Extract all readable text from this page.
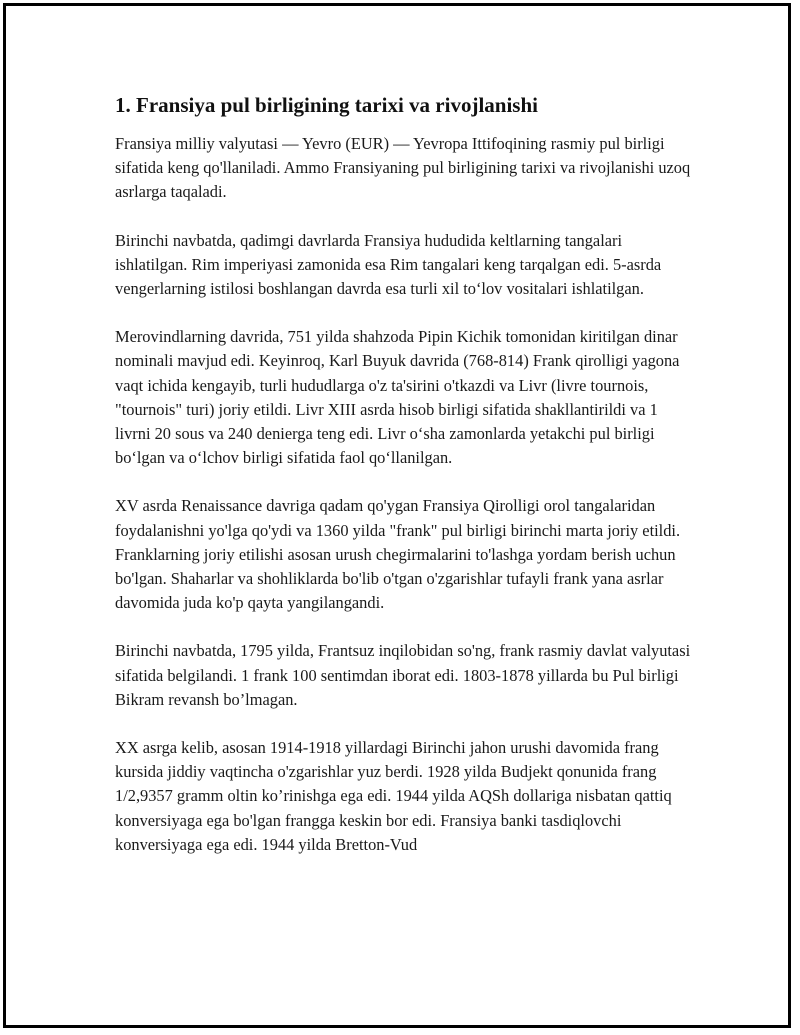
1. Fransiya pul birligining tarixi va rivojlanishi

Fransiya milliy valyutasi — Yevro (EUR) — Yevropa Ittifoqining rasmiy pul birligi sifatida keng qo'llaniladi. Ammo Fransiyaning pul birligining tarixi va rivojlanishi uzoq asrlarga taqaladi.

Birinchi navbatda, qadimgi davrlarda Fransiya hududida keltlarning tangalari ishlatilgan. Rim imperiyasi zamonida esa Rim tangalari keng tarqalgan edi. 5-asrda vengerlarning istilosi boshlangan davrda esa turli xil to‘lov vositalari ishlatilgan.

Merovindlarning davrida, 751 yilda shahzoda Pipin Kichik tomonidan kiritilgan dinar nominali mavjud edi. Keyinroq, Karl Buyuk davrida (768-814) Frank qirolligi yagona vaqt ichida kengayib, turli hududlarga o'z ta'sirini o'tkazdi va Livr (livre tournois, "tournois" turi) joriy etildi. Livr XIII asrda hisob birligi sifatida shakllantirildi va 1 livrni 20 sous va 240 denierga teng edi. Livr o‘sha zamonlarda yetakchi pul birligi bo‘lgan va o‘lchov birligi sifatida faol qo‘llanilgan.

XV asrda Renaissance davriga qadam qo'ygan Fransiya Qirolligi orol tangalaridan foydalanishni yo'lga qo'ydi va 1360 yilda "frank" pul birligi birinchi marta joriy etildi. Franklarning joriy etilishi asosan urush chegirmalarini to'lashga yordam berish uchun bo'lgan. Shaharlar va shohliklarda bo'lib o'tgan o'zgarishlar tufayli frank yana asrlar davomida juda ko'p qayta yangilangandi.

Birinchi navbatda, 1795 yilda, Frantsuz inqilobidan so'ng, frank rasmiy davlat valyutasi sifatida belgilandi. 1 frank 100 sentimdan iborat edi. 1803-1878 yillarda bu Pul birligi Bikram revansh bo’lmagan.

XX asrga kelib, asosan 1914-1918 yillardagi Birinchi jahon urushi davomida frang kursida jiddiy vaqtincha o'zgarishlar yuz berdi. 1928 yilda Budjekt qonunida frang 1/2,9357 gramm oltin ko’rinishga ega edi. 1944 yilda AQSh dollariga nisbatan qattiq konversiyaga ega bo'lgan frangga keskin bor edi. Fransiya banki tasdiqlovchi konversiyaga ega edi. 1944 yilda Bretton-Vud
